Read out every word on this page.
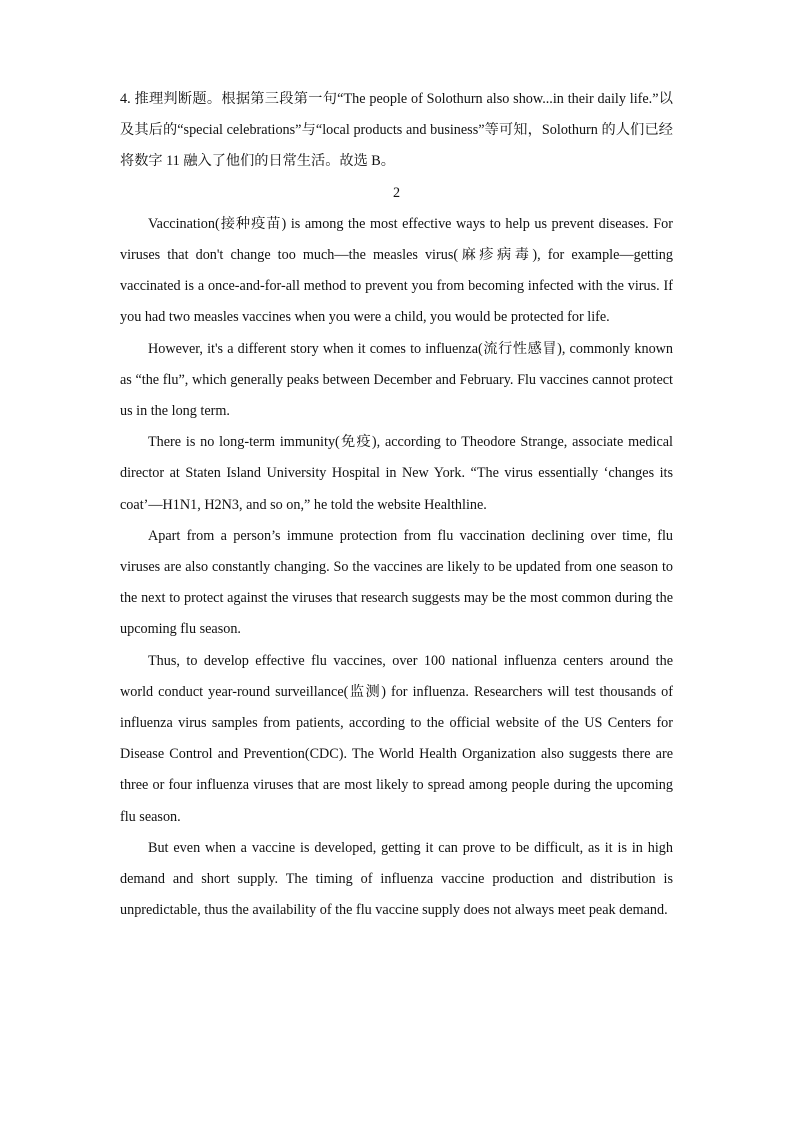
4. 推理判断题。根据第三段第一句“The people of Solothurn also show...in their daily life.”以及其后的“special celebrations”与“local products and business”等可知，Solothurn 的人们已经将数字 11 融入了他们的日常生活。故选 B。

2

Vaccination(接种疫苗) is among the most effective ways to help us prevent diseases. For viruses that don't change too much—the measles virus(麻疹病毒), for example—getting vaccinated is a once-and-for-all method to prevent you from becoming infected with the virus. If you had two measles vaccines when you were a child, you would be protected for life.

However, it's a different story when it comes to influenza(流行性感冒), commonly known as “the flu”, which generally peaks between December and February. Flu vaccines cannot protect us in the long term.

There is no long-term immunity(免疫), according to Theodore Strange, associate medical director at Staten Island University Hospital in New York. “The virus essentially ‘changes its coat’—H1N1, H2N3, and so on,” he told the website Healthline.

Apart from a person’s immune protection from flu vaccination declining over time, flu viruses are also constantly changing. So the vaccines are likely to be updated from one season to the next to protect against the viruses that research suggests may be the most common during the upcoming flu season.

Thus, to develop effective flu vaccines, over 100 national influenza centers around the world conduct year-round surveillance(监测) for influenza. Researchers will test thousands of influenza virus samples from patients, according to the official website of the US Centers for Disease Control and Prevention(CDC). The World Health Organization also suggests there are three or four influenza viruses that are most likely to spread among people during the upcoming flu season.

But even when a vaccine is developed, getting it can prove to be difficult, as it is in high demand and short supply. The timing of influenza vaccine production and distribution is unpredictable, thus the availability of the flu vaccine supply does not always meet peak demand.
